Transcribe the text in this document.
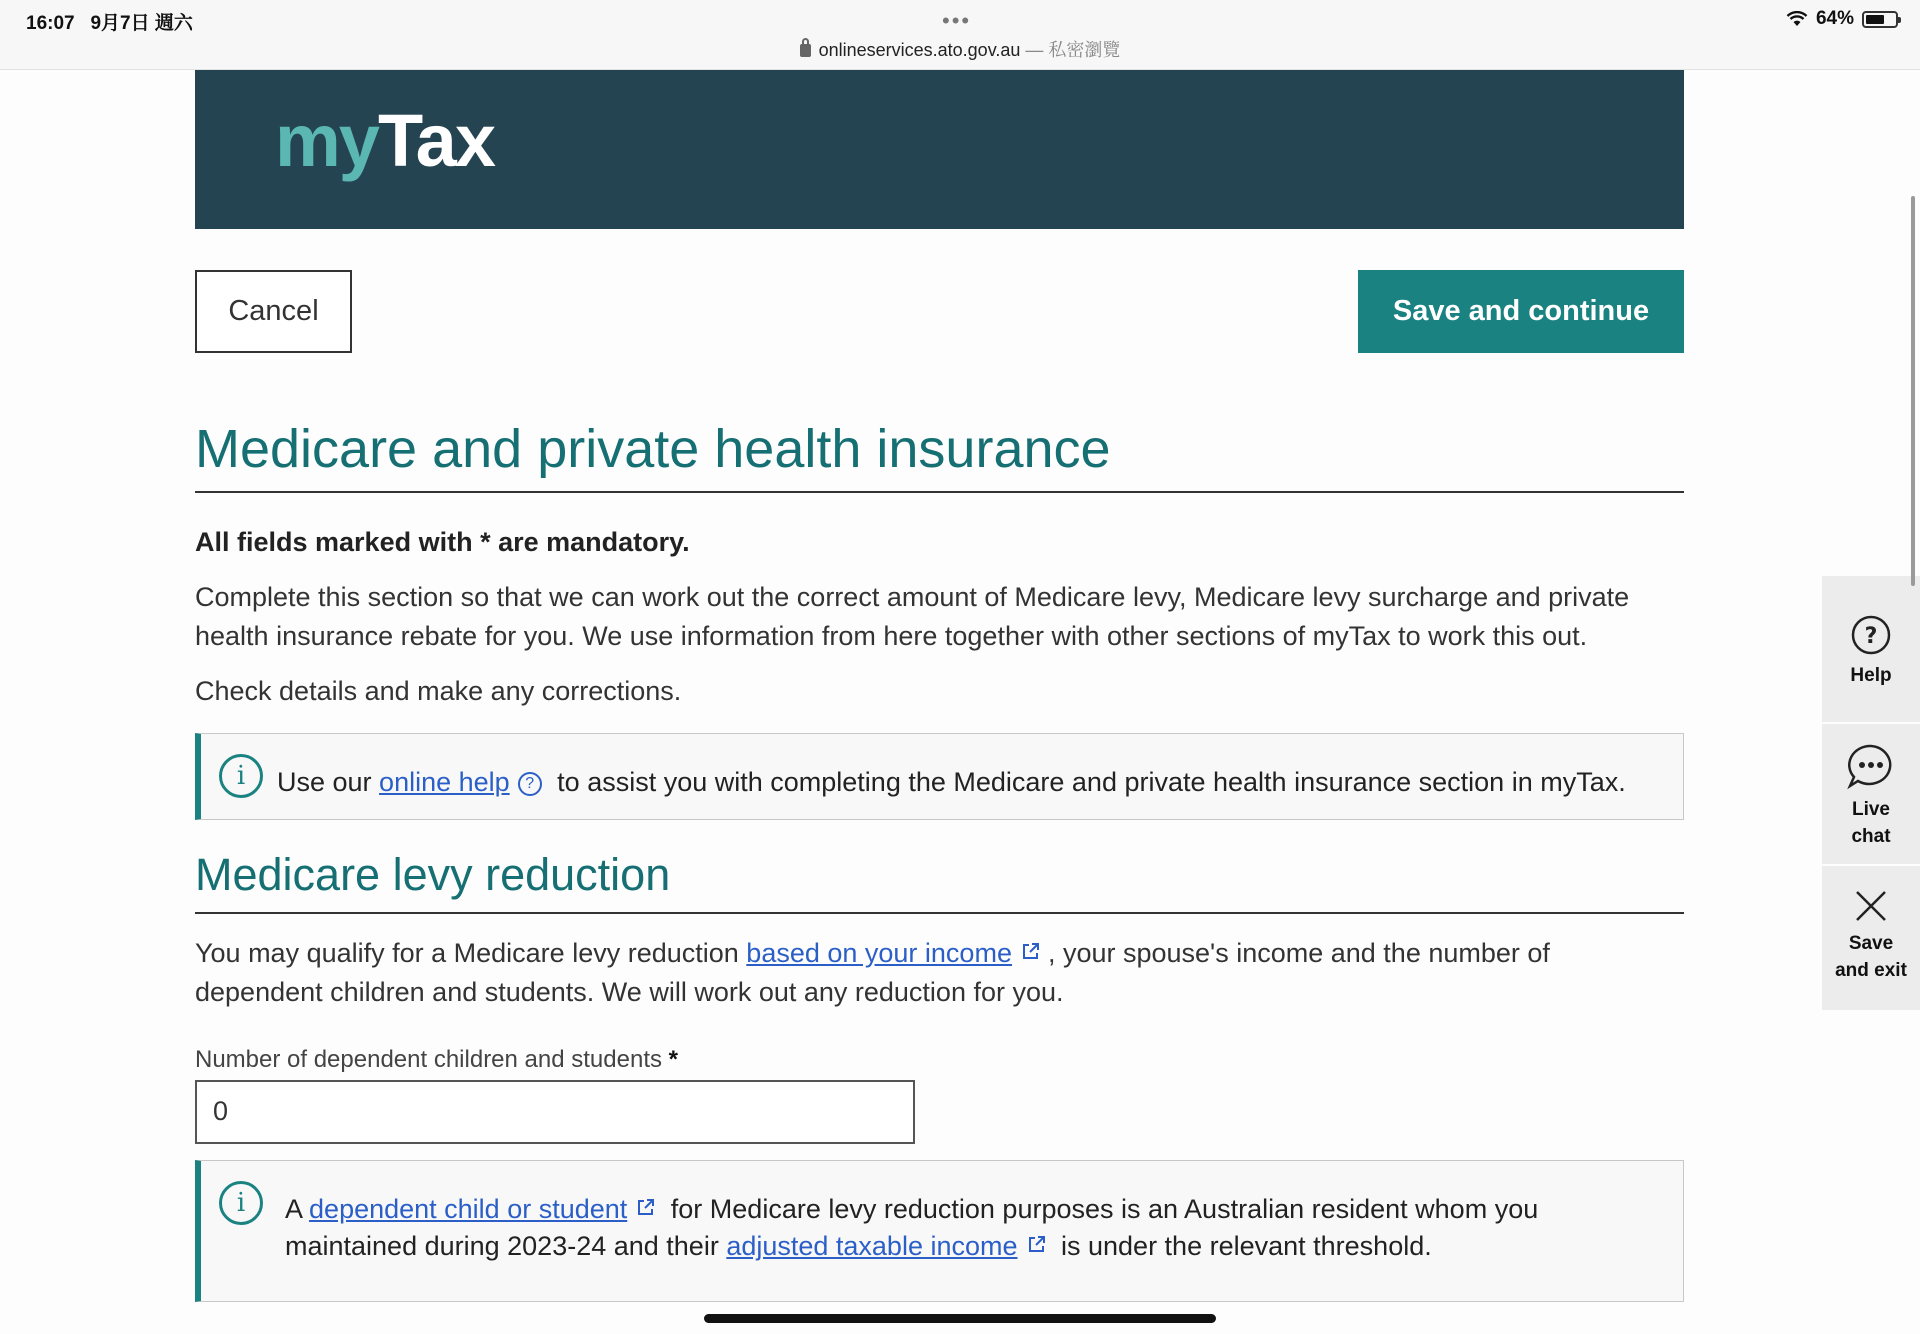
16:07 9月7日 週六	•••
onlineservices.ato.gov.au — 私密瀏覽
64%
myTax
Cancel	Save and continue
Medicare and private health insurance

All fields marked with * are mandatory.

Complete this section so that we can work out the correct amount of Medicare levy, Medicare levy surcharge and private health insurance rebate for you. We use information from here together with other sections of myTax to work this out.

Check details and make any corrections.

i	Use our online help ? to assist you with completing the Medicare and private health insurance section in myTax.

Medicare levy reduction

You may qualify for a Medicare levy reduction based on your income , your spouse's income and the number of dependent children and students. We will work out any reduction for you.

Number of dependent children and students *

0
i	A dependent child or student for Medicare levy reduction purposes is an Australian resident whom you maintained during 2023-24 and their adjusted taxable income is under the relevant threshold.

?
Help
Live
chat
Save
and exit
